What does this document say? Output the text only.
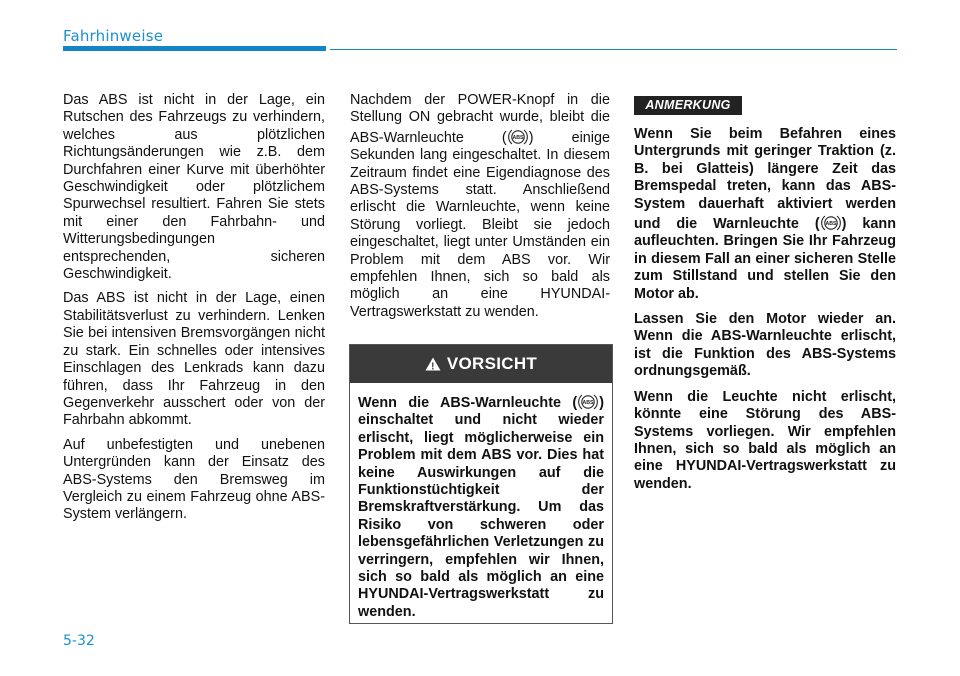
Fahrhinweise

Das ABS ist nicht in der Lage, ein Rutschen des Fahrzeugs zu verhindern, welches aus plötzlichen Richtungsänderungen wie z.B. dem Durchfahren einer Kurve mit überhöhter Geschwindigkeit oder plötzlichem Spurwechsel resultiert. Fahren Sie stets mit einer den Fahrbahn- und Witterungsbedingungen entsprechenden, sicheren Geschwindigkeit.

Das ABS ist nicht in der Lage, einen Stabilitätsverlust zu verhindern. Lenken Sie bei intensiven Bremsvorgängen nicht zu stark. Ein schnelles oder intensives Einschlagen des Lenkrads kann dazu führen, dass Ihr Fahrzeug in den Gegenverkehr ausschert oder von der Fahrbahn abkommt.

Auf unbefestigten und unebenen Untergründen kann der Einsatz des ABS-Systems den Bremsweg im Vergleich zu einem Fahrzeug ohne ABS-System verlängern.

Nachdem der POWER-Knopf in die Stellung ON gebracht wurde, bleibt die ABS-Warnleuchte ( ABS ) einige Sekunden lang eingeschaltet. In diesem Zeitraum findet eine Eigendiagnose des ABS-Systems statt. Anschließend erlischt die Warnleuchte, wenn keine Störung vorliegt. Bleibt sie jedoch eingeschaltet, liegt unter Umständen ein Problem mit dem ABS vor. Wir empfehlen Ihnen, sich so bald als möglich an eine HYUNDAI-Vertragswerkstatt zu wenden.

! VORSICHT
Wenn die ABS-Warnleuchte ( ABS ) einschaltet und nicht wieder erlischt, liegt möglicherweise ein Problem mit dem ABS vor. Dies hat keine Auswirkungen auf die Funktionstüchtigkeit der Bremskraftverstärkung. Um das Risiko von schweren oder lebensgefährlichen Verletzungen zu verringern, empfehlen wir Ihnen, sich so bald als möglich an eine HYUNDAI-Vertragswerkstatt zu wenden.
ANMERKUNG

Wenn Sie beim Befahren eines Untergrunds mit geringer Traktion (z. B. bei Glatteis) längere Zeit das Bremspedal treten, kann das ABS-System dauerhaft aktiviert werden und die Warnleuchte ( ABS ) kann aufleuchten. Bringen Sie Ihr Fahrzeug in diesem Fall an einer sicheren Stelle zum Stillstand und stellen Sie den Motor ab.

Lassen Sie den Motor wieder an. Wenn die ABS-Warnleuchte erlischt, ist die Funktion des ABS-Systems ordnungsgemäß.

Wenn die Leuchte nicht erlischt, könnte eine Störung des ABS-Systems vorliegen. Wir empfehlen Ihnen, sich so bald als möglich an eine HYUNDAI-Vertragswerkstatt zu wenden.

5-32
